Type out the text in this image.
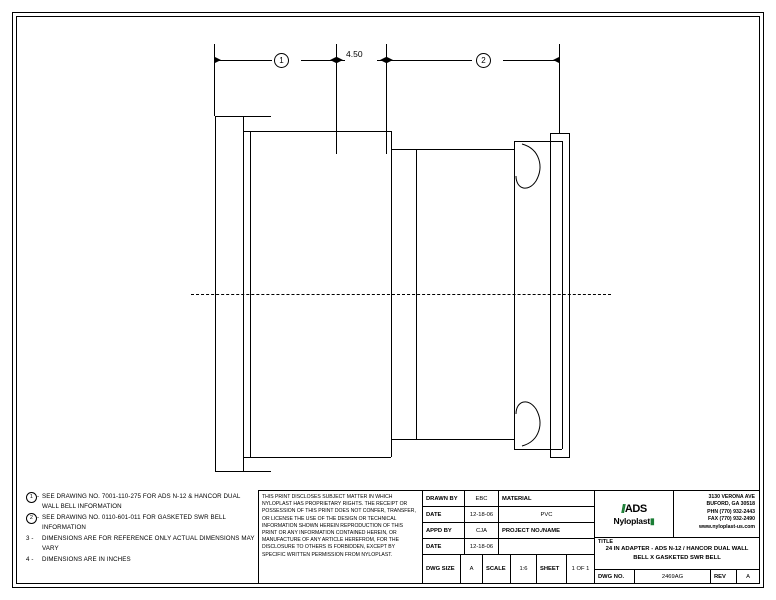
1
4.50
2
1 - SEE DRAWING NO. 7001-110-275 FOR ADS N-12 & HANCOR DUAL WALL BELL INFORMATION
2 - SEE DRAWING NO. 0110-601-011 FOR GASKETED SWR BELL INFORMATION
3 -	DIMENSIONS ARE FOR REFERENCE ONLY ACTUAL DIMENSIONS MAY VARY
4 -	DIMENSIONS ARE IN INCHES
THIS PRINT DISCLOSES SUBJECT MATTER IN WHICH NYLOPLAST HAS PROPRIETARY RIGHTS. THE RECEIPT OR POSSESSION OF THIS PRINT DOES NOT CONFER, TRANSFER, OR LICENSE THE USE OF THE DESIGN OR TECHNICAL INFORMATION SHOWN HEREIN REPRODUCTION OF THIS PRINT OR ANY INFORMATION CONTAINED HEREIN, OR MANUFACTURE OF ANY ARTICLE HEREFROM, FOR THE DISCLOSURE TO OTHERS IS FORBIDDEN, EXCEPT BY SPECIFIC WRITTEN PERMISSION FROM NYLOPLAST.
DRAWN BY	EBC	MATERIAL
DATE	12-18-06	PVC
APPD BY	CJA	PROJECT NO./NAME
DATE	12-18-06
DWG SIZE	A	SCALE	1:6	SHEET	1 OF 1
// ADS
Nyloplast▮
3130 VERONA AVE
BUFORD, GA 30518
PHN (770) 932-2443
FAX (770) 932-2490
www.nyloplast-us.com
TITLE
24 IN ADAPTER - ADS N-12 / HANCOR DUAL WALL
BELL X GASKETED SWR BELL
DWG NO.	2469AG	REV	A
